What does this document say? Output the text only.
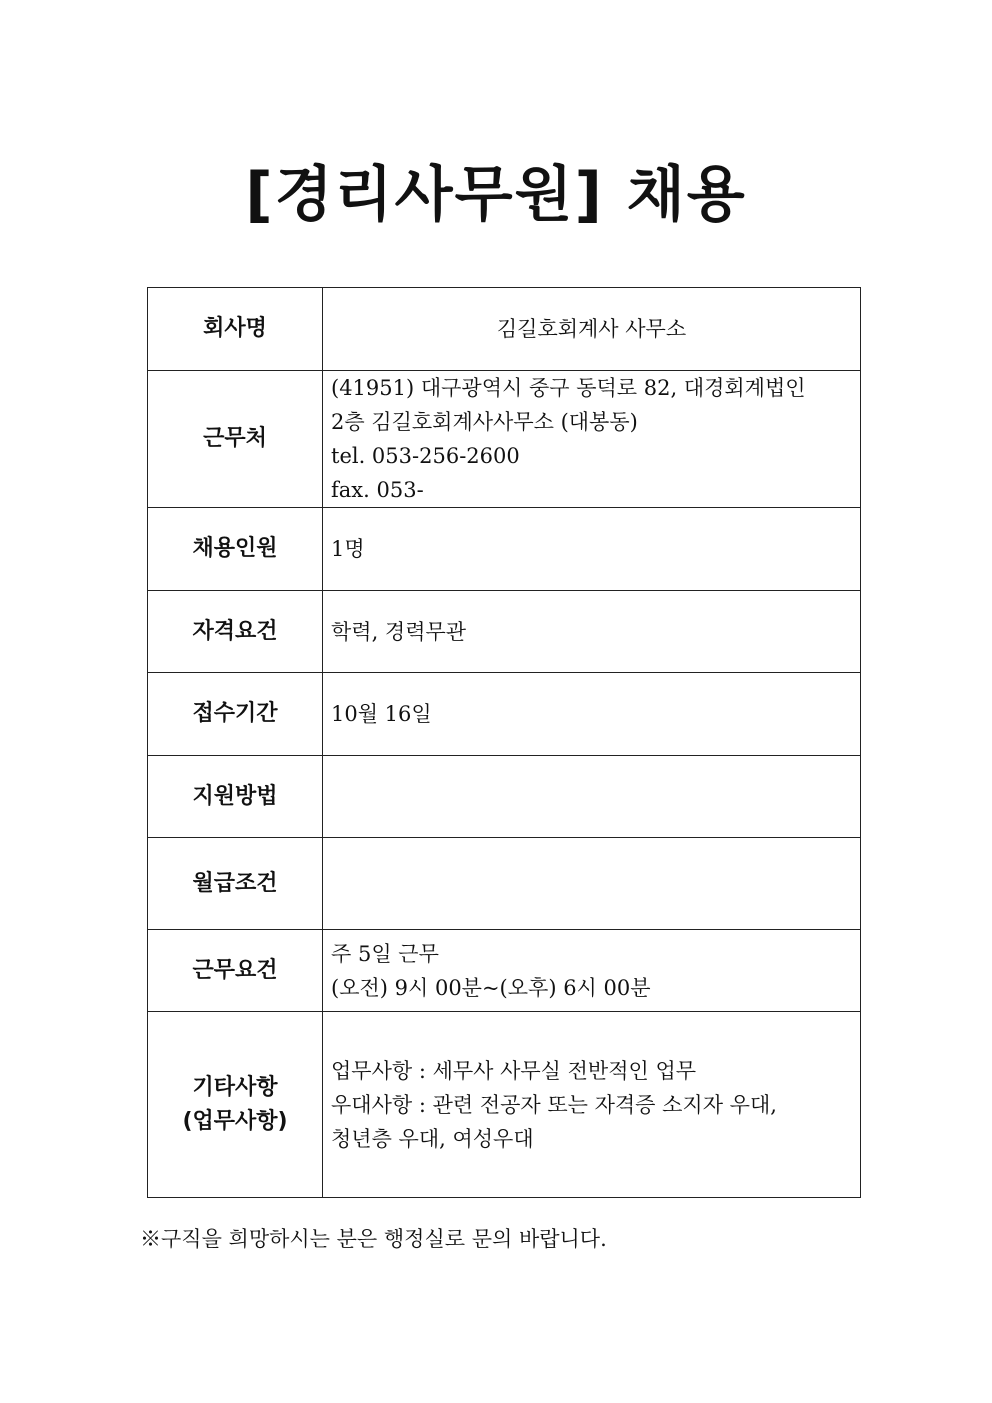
[경리사무원] 채용
회사명	김길호회계사 사무소

근무처	(41951) 대구광역시 중구 동덕로 82, 대경회계법인
2층 김길호회계사사무소 (대봉동)
tel. 053-256-2600
fax. 053-

채용인원	1명

자격요건	학력, 경력무관

접수기간	10월 16일

지원방법	
월급조건	
근무요건	주 5일 근무
(오전) 9시 00분~(오후) 6시 00분

기타사항
(업무사항)	업무사항 : 세무사 사무실 전반적인 업무
우대사항 : 관련 전공자 또는 자격증 소지자 우대,
청년층 우대, 여성우대
※구직을 희망하시는 분은 행정실로 문의 바랍니다.
